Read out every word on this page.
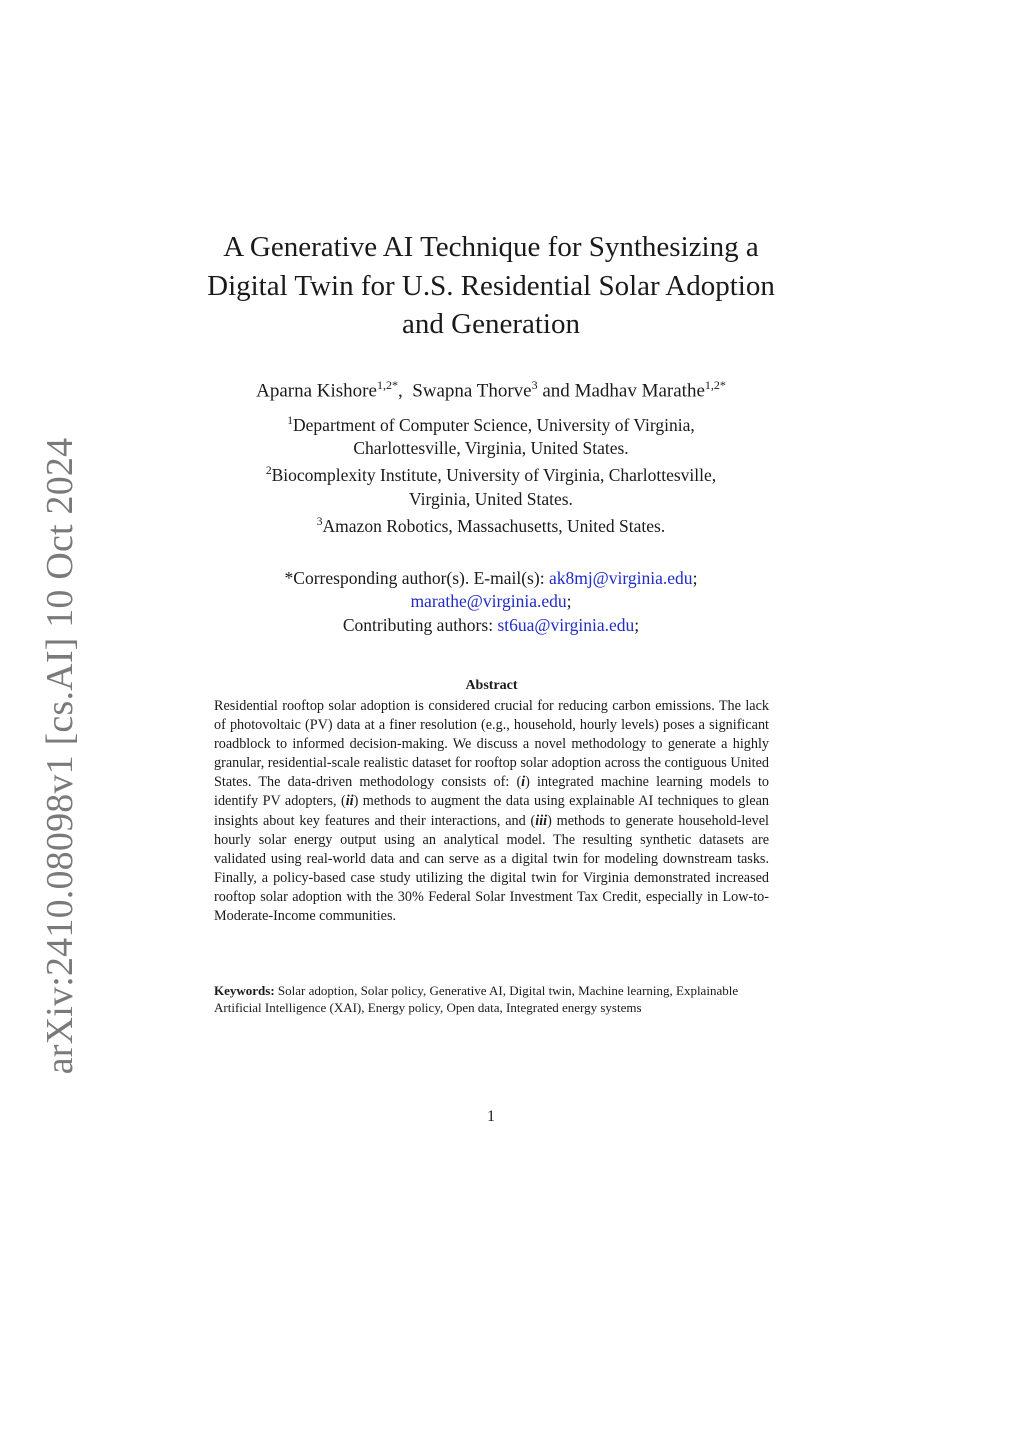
arXiv:2410.08098v1 [cs.AI] 10 Oct 2024
A Generative AI Technique for Synthesizing a
Digital Twin for U.S. Residential Solar Adoption
and Generation
Aparna Kishore$^{1,2*}$,  Swapna Thorve$^3$ and Madhav Marathe$^{1,2*}$
$^1$Department of Computer Science, University of Virginia,
Charlottesville, Virginia, United States.
$^2$Biocomplexity Institute, University of Virginia, Charlottesville,
Virginia, United States.
$^3$Amazon Robotics, Massachusetts, United States.
*Corresponding author(s). E-mail(s): ak8mj@virginia.edu;
marathe@virginia.edu;
Contributing authors: st6ua@virginia.edu;
Abstract
Residential rooftop solar adoption is considered crucial for reducing carbon emissions. The lack of photovoltaic (PV) data at a finer resolution (e.g., household, hourly levels) poses a significant roadblock to informed decision-making. We discuss a novel methodology to generate a highly granular, residential-scale realistic dataset for rooftop solar adoption across the contiguous United States. The data-driven methodology consists of: (i) integrated machine learning models to identify PV adopters, (ii) methods to augment the data using explainable AI techniques to glean insights about key features and their interactions, and (iii) methods to generate household-level hourly solar energy output using an analytical model. The resulting synthetic datasets are validated using real-world data and can serve as a digital twin for modeling downstream tasks. Finally, a policy-based case study utilizing the digital twin for Virginia demonstrated increased rooftop solar adoption with the 30% Federal Solar Investment Tax Credit, especially in Low-to-Moderate-Income communities.
Keywords: Solar adoption, Solar policy, Generative AI, Digital twin, Machine learning, Explainable Artificial Intelligence (XAI), Energy policy, Open data, Integrated energy systems
1
